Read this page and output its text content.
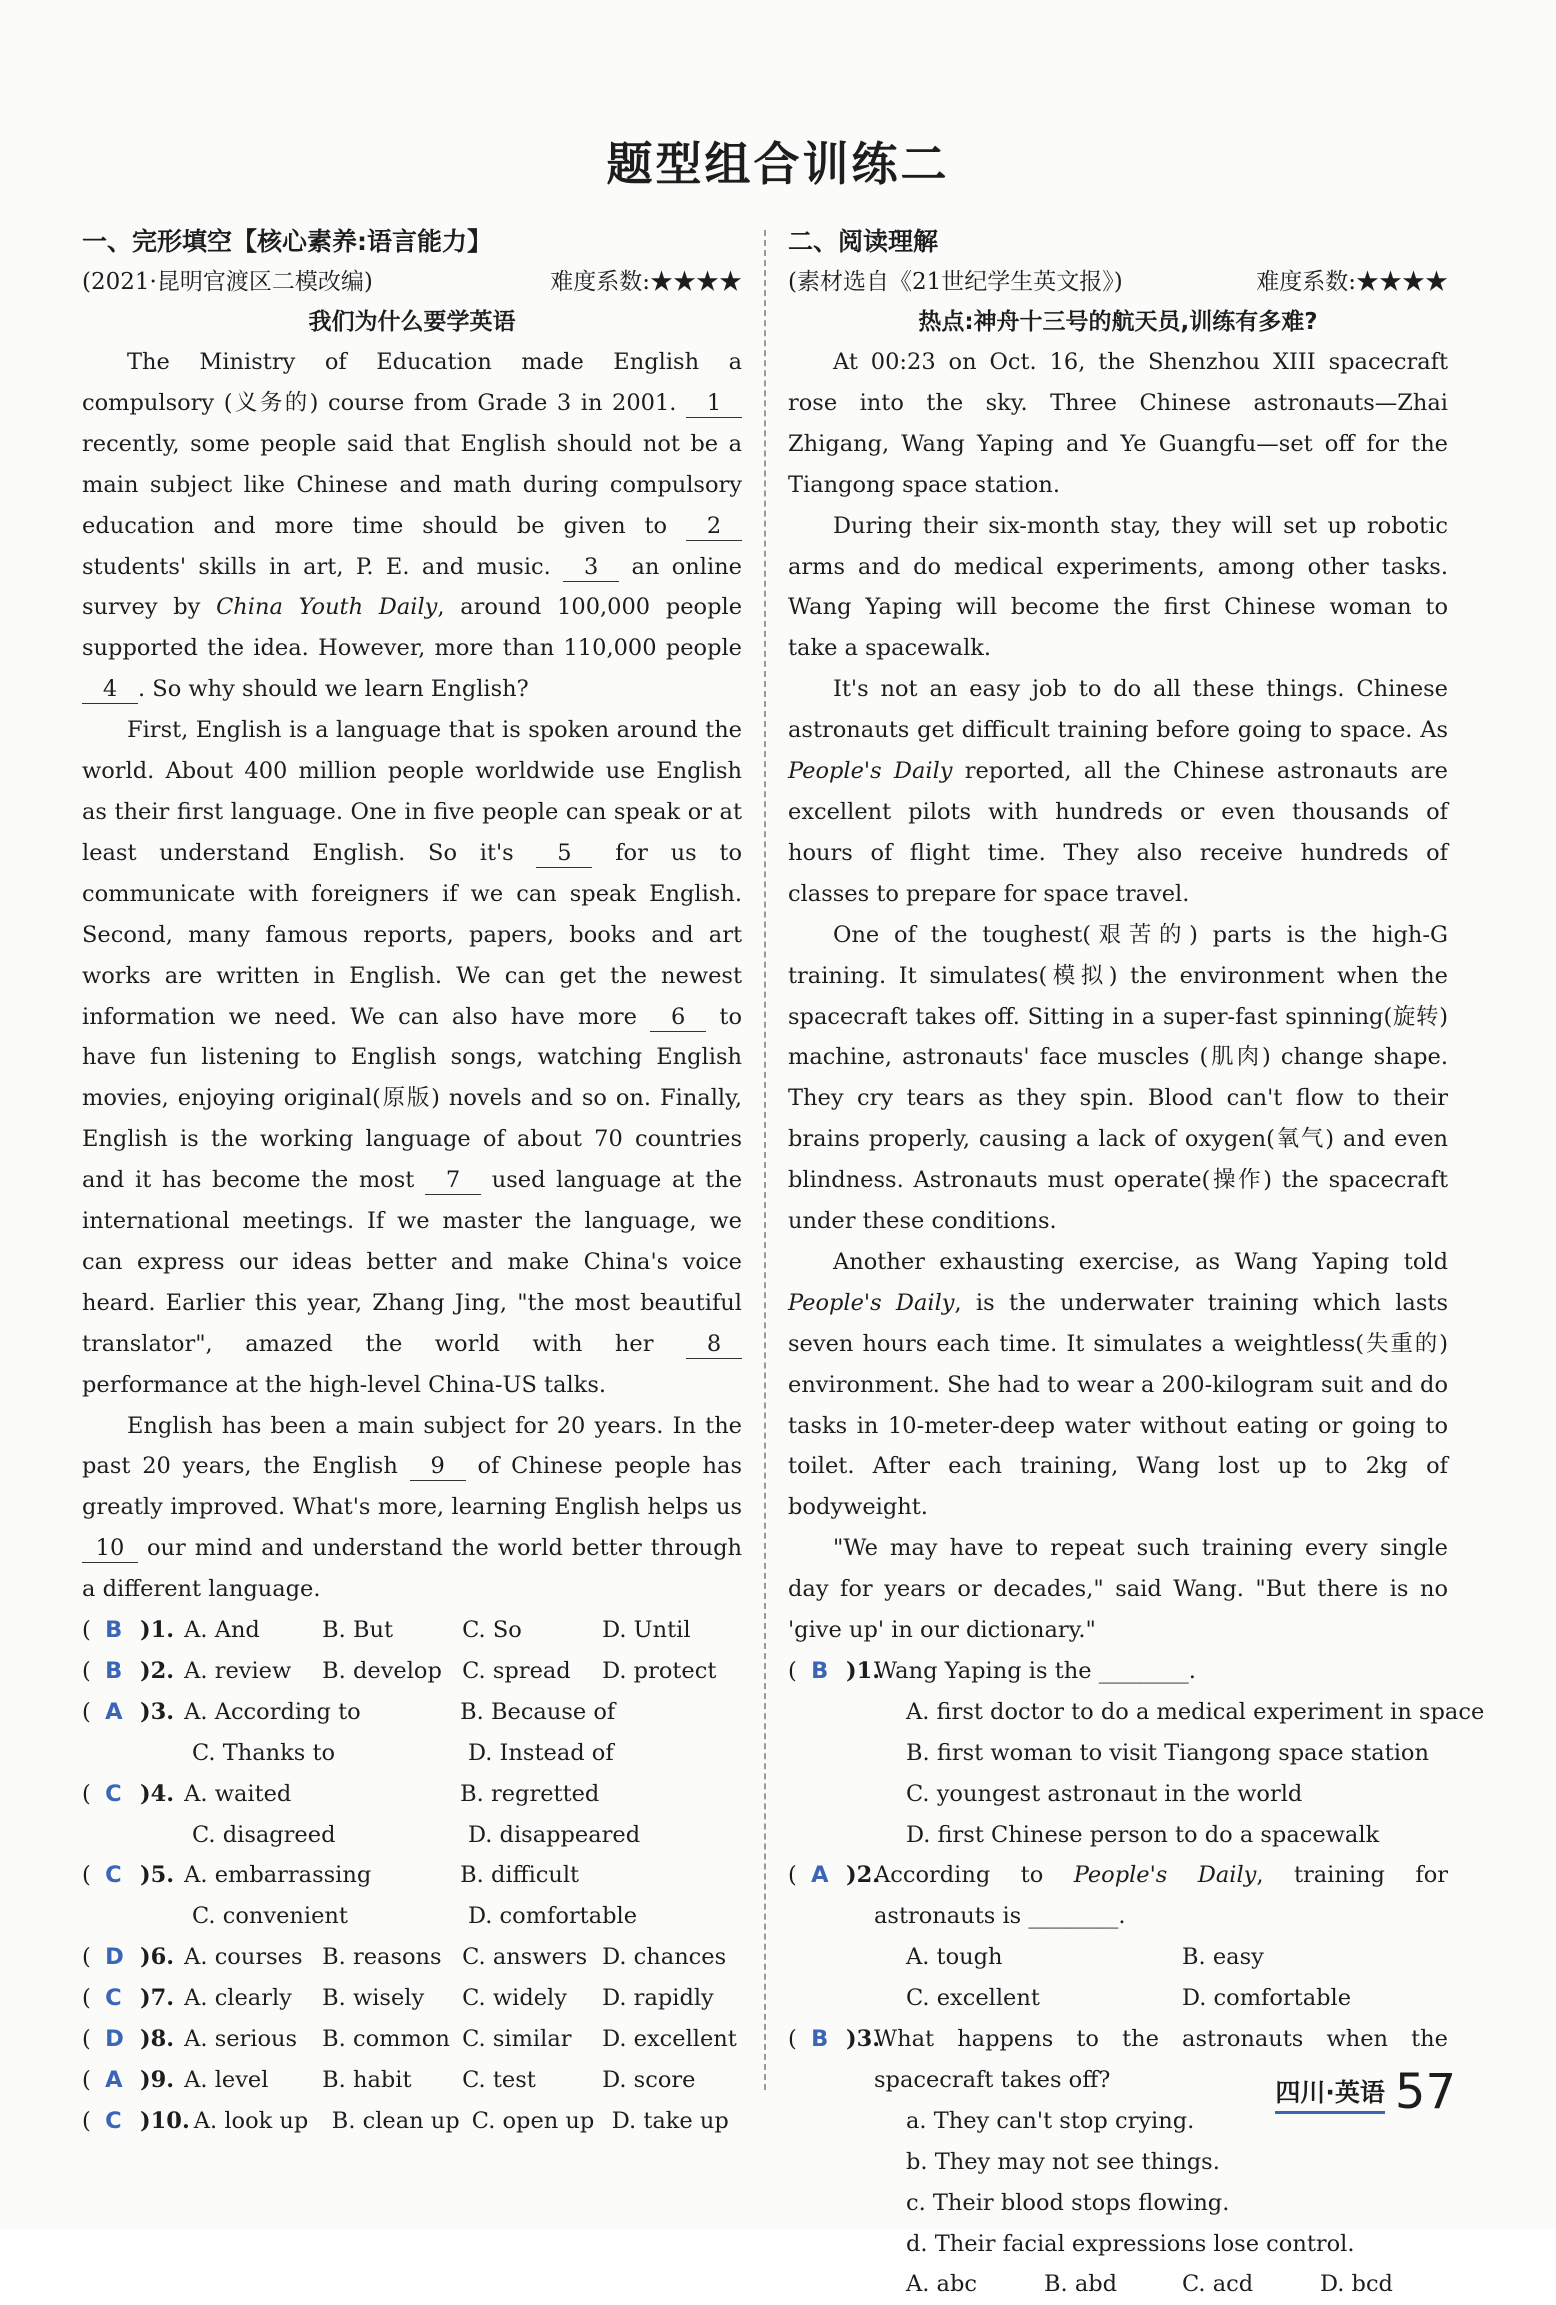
题型组合训练二
一、完形填空【核心素养:语言能力】
(2021·昆明官渡区二模改编)	难度系数:★★★★
我们为什么要学英语

The Ministry of Education made English a compulsory (义务的) course from Grade 3 in 2001. 1 recently, some people said that English should not be a main subject like Chinese and math during compulsory education and more time should be given to 2 students' skills in art, P. E. and music. 3 an online survey by China Youth Daily, around 100,000 people supported the idea. However, more than 110,000 people 4 . So why should we learn English?

First, English is a language that is spoken around the world. About 400 million people worldwide use English as their first language. One in five people can speak or at least understand English. So it's 5 for us to communicate with foreigners if we can speak English. Second, many famous reports, papers, books and art works are written in English. We can get the newest information we need. We can also have more 6 to have fun listening to English songs, watching English movies, enjoying original(原版) novels and so on. Finally, English is the working language of about 70 countries and it has become the most 7 used language at the international meetings. If we master the language, we can express our ideas better and make China's voice heard. Earlier this year, Zhang Jing, "the most beautiful translator", amazed the world with her 8 performance at the high-level China-US talks.

English has been a main subject for 20 years. In the past 20 years, the English 9 of Chinese people has greatly improved. What's more, learning English helps us 10 our mind and understand the world better through a different language.

(  B )1. A. And	B. But	C. So	D. Until
(  B )2. A. review	B. develop C. spread	D. protect
(  A )3. A. According to	B. Because of
C. Thanks to	D. Instead of
(  C )4. A. waited	B. regretted
C. disagreed	D. disappeared
(  C )5. A. embarrassing	B. difficult
C. convenient	D. comfortable
(  D )6. A. courses B. reasons C. answers D. chances
(  C )7. A. clearly	B. wisely	C. widely	D. rapidly
(  D )8. A. serious	B. common C. similar	D. excellent
(  A )9. A. level	B. habit	C. test	D. score
(  C )10. A. look up	B. clean up C. open up D. take up
二、阅读理解
(素材选自《21世纪学生英文报》)	难度系数:★★★★
热点:神舟十三号的航天员,训练有多难?

At 00:23 on Oct. 16, the Shenzhou XIII spacecraft rose into the sky. Three Chinese astronauts—Zhai Zhigang, Wang Yaping and Ye Guangfu—set off for the Tiangong space station.

During their six-month stay, they will set up robotic arms and do medical experiments, among other tasks. Wang Yaping will become the first Chinese woman to take a spacewalk.

It's not an easy job to do all these things. Chinese astronauts get difficult training before going to space. As People's Daily reported, all the Chinese astronauts are excellent pilots with hundreds or even thousands of hours of flight time. They also receive hundreds of classes to prepare for space travel.

One of the toughest(艰苦的) parts is the high-G training. It simulates(模拟) the environment when the spacecraft takes off. Sitting in a super-fast spinning(旋转) machine, astronauts' face muscles (肌肉) change shape. They cry tears as they spin. Blood can't flow to their brains properly, causing a lack of oxygen(氧气) and even blindness. Astronauts must operate(操作) the spacecraft under these conditions.

Another exhausting exercise, as Wang Yaping told People's Daily, is the underwater training which lasts seven hours each time. It simulates a weightless(失重的) environment. She had to wear a 200-kilogram suit and do tasks in 10-meter-deep water without eating or going to toilet. After each training, Wang lost up to 2kg of bodyweight.

"We may have to repeat such training every single day for years or decades," said Wang. "But there is no 'give up' in our dictionary."

(  B )1.
Wang Yaping is the ________.
A. first doctor to do a medical experiment in space
B. first woman to visit Tiangong space station
C. youngest astronaut in the world
D. first Chinese person to do a spacewalk
(  A )2.
According to People's Daily, training for astronauts is ________.
A. tough	B. easy
C. excellent	D. comfortable
(  B )3.
What happens to the astronauts when the spacecraft takes off?
a. They can't stop crying.
b. They may not see things.
c. Their blood stops flowing.
d. Their facial expressions lose control.
A. abc	B. abd	C. acd	D. bcd
四川·英语 57
